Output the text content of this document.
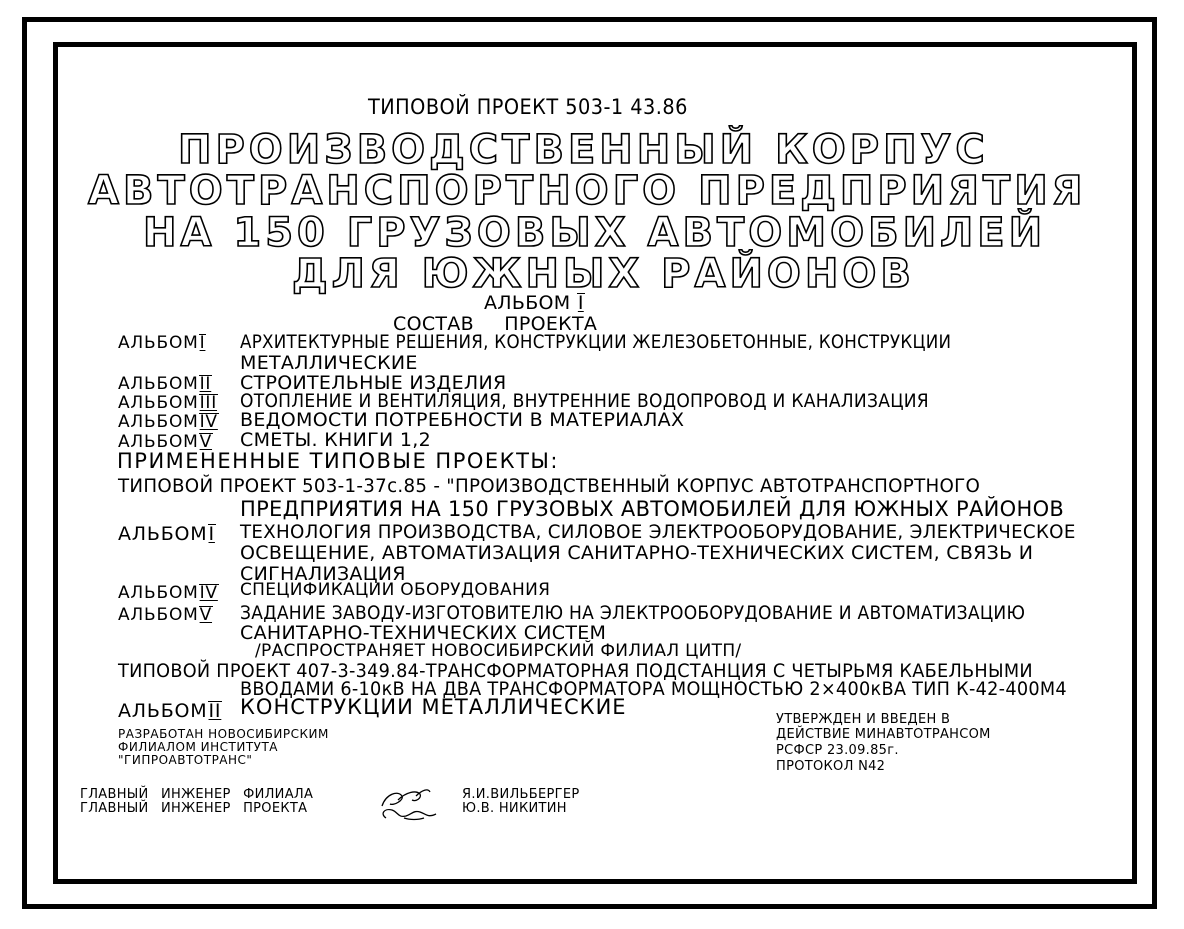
ТИПОВОЙ ПРОЕКТ 503-1 43.86
ПРОИЗВОДСТВЕННЫЙ КОРПУС
АВТОТРАНСПОРТНОГО ПРЕДПРИЯТИЯ
НА 150 ГРУЗОВЫХ АВТОМОБИЛЕЙ
ДЛЯ ЮЖНЫХ РАЙОНОВ
АЛЬБОМ I
СОСТАВ ПРОЕКТА
АЛЬБОМI АРХИТЕКТУРНЫЕ РЕШЕНИЯ, КОНСТРУКЦИИ ЖЕЛЕЗОБЕТОННЫЕ, КОНСТРУКЦИИ
МЕТАЛЛИЧЕСКИЕ
АЛЬБОМII СТРОИТЕЛЬНЫЕ ИЗДЕЛИЯ
АЛЬБОМIII ОТОПЛЕНИЕ И ВЕНТИЛЯЦИЯ, ВНУТРЕННИЕ ВОДОПРОВОД И КАНАЛИЗАЦИЯ
АЛЬБОМIV ВЕДОМОСТИ ПОТРЕБНОСТИ В МАТЕРИАЛАХ
АЛЬБОМV СМЕТЫ. КНИГИ 1,2
ПРИМЕНЕННЫЕ ТИПОВЫЕ ПРОЕКТЫ:
ТИПОВОЙ ПРОЕКТ 503-1-37с.85 - "ПРОИЗВОДСТВЕННЫЙ КОРПУС АВТОТРАНСПОРТНОГО
ПРЕДПРИЯТИЯ НА 150 ГРУЗОВЫХ АВТОМОБИЛЕЙ ДЛЯ ЮЖНЫХ РАЙОНОВ
АЛЬБОМI ТЕХНОЛОГИЯ ПРОИЗВОДСТВА, СИЛОВОЕ ЭЛЕКТРООБОРУДОВАНИЕ, ЭЛЕКТРИЧЕСКОЕ
ОСВЕЩЕНИЕ, АВТОМАТИЗАЦИЯ САНИТАРНО-ТЕХНИЧЕСКИХ СИСТЕМ, СВЯЗЬ И
СИГНАЛИЗАЦИЯ
АЛЬБОМIV СПЕЦИФИКАЦИИ ОБОРУДОВАНИЯ
АЛЬБОМV ЗАДАНИЕ ЗАВОДУ-ИЗГОТОВИТЕЛЮ НА ЭЛЕКТРООБОРУДОВАНИЕ И АВТОМАТИЗАЦИЮ
САНИТАРНО-ТЕХНИЧЕСКИХ СИСТЕМ
/РАСПРОСТРАНЯЕТ НОВОСИБИРСКИЙ ФИЛИАЛ ЦИТП/
ТИПОВОЙ ПРОЕКТ 407-3-349.84-ТРАНСФОРМАТОРНАЯ ПОДСТАНЦИЯ С ЧЕТЫРЬМЯ КАБЕЛЬНЫМИ
ВВОДАМИ 6-10кВ НА ДВА ТРАНСФОРМАТОРА МОЩНОСТЬЮ 2×400кВА ТИП К-42-400М4
АЛЬБОМII КОНСТРУКЦИИ МЕТАЛЛИЧЕСКИЕ
РАЗРАБОТАН НОВОСИБИРСКИМ
ФИЛИАЛОМ ИНСТИТУТА
"ГИПРОАВТОТРАНС"
УТВЕРЖДЕН И ВВЕДЕН В
ДЕЙСТВИЕ МИНАВТОТРАНСОМ
РСФСР 23.09.85г.
ПРОТОКОЛ N42
ГЛАВНЫЙ ИНЖЕНЕР ФИЛИАЛА
ГЛАВНЫЙ ИНЖЕНЕР ПРОЕКТА
Я.И.ВИЛЬБЕРГЕР
Ю.В. НИКИТИН
